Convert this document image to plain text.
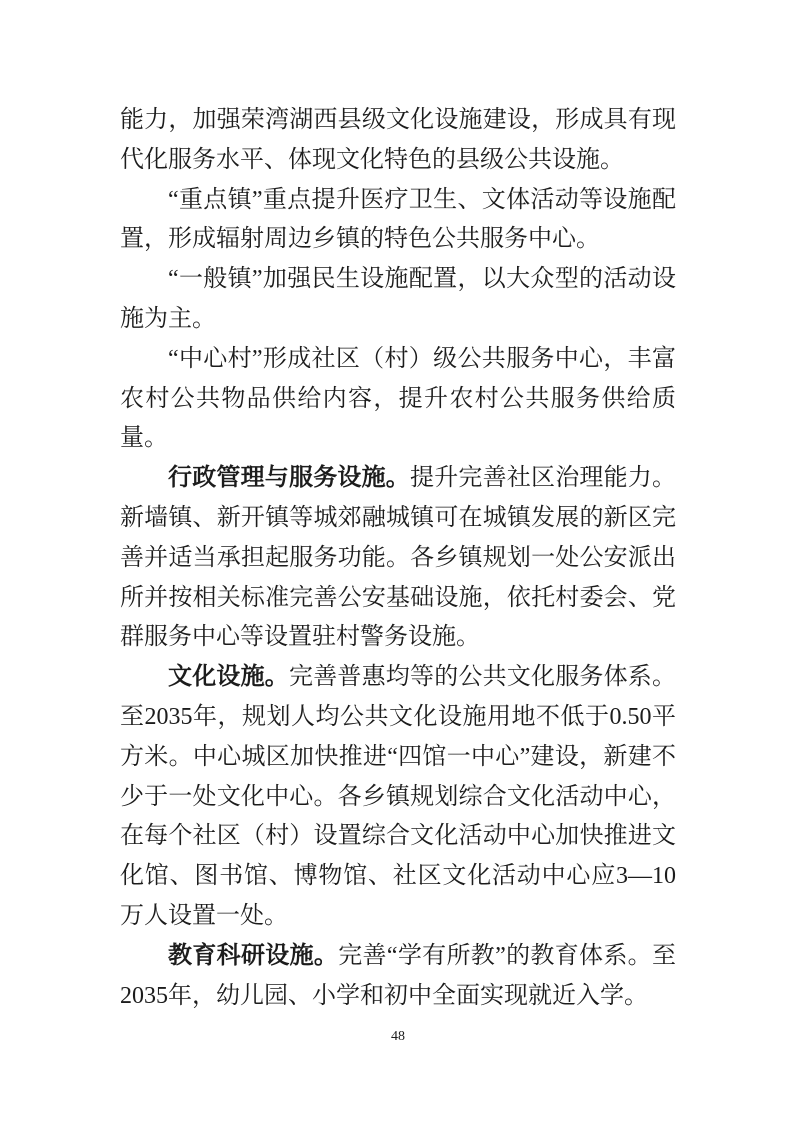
能力，加强荣湾湖西县级文化设施建设，形成具有现代化服务水平、体现文化特色的县级公共设施。

“重点镇”重点提升医疗卫生、文体活动等设施配置，形成辐射周边乡镇的特色公共服务中心。

“一般镇”加强民生设施配置，以大众型的活动设施为主。

“中心村”形成社区（村）级公共服务中心，丰富农村公共物品供给内容，提升农村公共服务供给质量。

行政管理与服务设施。提升完善社区治理能力。新墙镇、新开镇等城郊融城镇可在城镇发展的新区完善并适当承担起服务功能。各乡镇规划一处公安派出所并按相关标准完善公安基础设施，依托村委会、党群服务中心等设置驻村警务设施。

文化设施。完善普惠均等的公共文化服务体系。至2035年，规划人均公共文化设施用地不低于0.50平方米。中心城区加快推进“四馆一中心”建设，新建不少于一处文化中心。各乡镇规划综合文化活动中心，在每个社区（村）设置综合文化活动中心加快推进文化馆、图书馆、博物馆、社区文化活动中心应3—10万人设置一处。

教育科研设施。完善“学有所教”的教育体系。至2035年，幼儿园、小学和初中全面实现就近入学。

48
